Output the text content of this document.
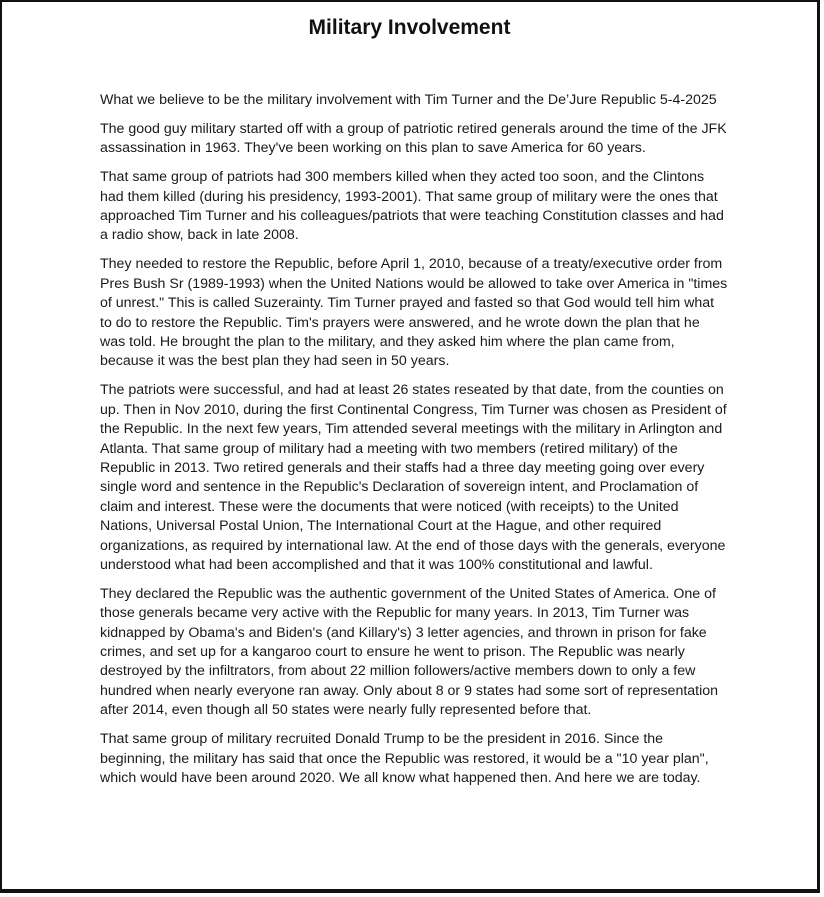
Military Involvement

What we believe to be the military involvement with Tim Turner and the De’Jure Republic 5-4-2025

The good guy military started off with a group of patriotic retired generals around the time of the JFK assassination in 1963. They've been working on this plan to save America for 60 years.

That same group of patriots had 300 members killed when they acted too soon, and the Clintons had them killed (during his presidency, 1993-2001). That same group of military were the ones that approached Tim Turner and his colleagues/patriots that were teaching Constitution classes and had a radio show, back in late 2008.

They needed to restore the Republic, before April 1, 2010, because of a treaty/executive order from Pres Bush Sr (1989-1993) when the United Nations would be allowed to take over America in "times of unrest." This is called Suzerainty. Tim Turner prayed and fasted so that God would tell him what to do to restore the Republic. Tim's prayers were answered, and he wrote down the plan that he was told. He brought the plan to the military, and they asked him where the plan came from, because it was the best plan they had seen in 50 years.

The patriots were successful, and had at least 26 states reseated by that date, from the counties on up. Then in Nov 2010, during the first Continental Congress, Tim Turner was chosen as President of the Republic. In the next few years, Tim attended several meetings with the military in Arlington and Atlanta. That same group of military had a meeting with two members (retired military) of the Republic in 2013. Two retired generals and their staffs had a three day meeting going over every single word and sentence in the Republic's Declaration of sovereign intent, and Proclamation of claim and interest. These were the documents that were noticed (with receipts) to the United Nations, Universal Postal Union, The International Court at the Hague, and other required organizations, as required by international law. At the end of those days with the generals, everyone understood what had been accomplished and that it was 100% constitutional and lawful.

They declared the Republic was the authentic government of the United States of America. One of those generals became very active with the Republic for many years. In 2013, Tim Turner was kidnapped by Obama's and Biden's (and Killary's) 3 letter agencies, and thrown in prison for fake crimes, and set up for a kangaroo court to ensure he went to prison. The Republic was nearly destroyed by the infiltrators, from about 22 million followers/active members down to only a few hundred when nearly everyone ran away. Only about 8 or 9 states had some sort of representation after 2014, even though all 50 states were nearly fully represented before that.

That same group of military recruited Donald Trump to be the president in 2016. Since the beginning, the military has said that once the Republic was restored, it would be a "10 year plan", which would have been around 2020. We all know what happened then. And here we are today.
